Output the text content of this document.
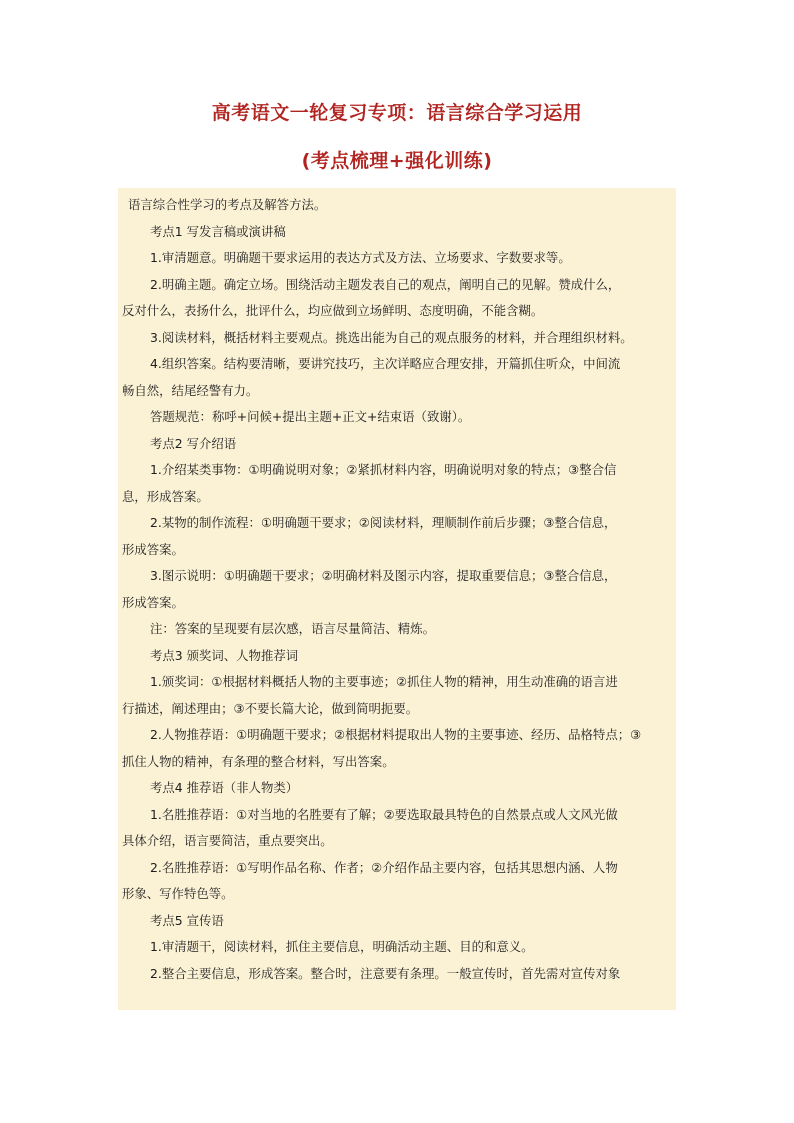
高考语文一轮复习专项：语言综合学习运用
(考点梳理+强化训练)

语言综合性学习的考点及解答方法。

考点1 写发言稿或演讲稿

1.审清题意。明确题干要求运用的表达方式及方法、立场要求、字数要求等。

2.明确主题。确定立场。围绕活动主题发表自己的观点，阐明自己的见解。赞成什么，

反对什么，表扬什么，批评什么，均应做到立场鲜明、态度明确，不能含糊。

3.阅读材料，概括材料主要观点。挑选出能为自己的观点服务的材料，并合理组织材料。

4.组织答案。结构要清晰，要讲究技巧，主次详略应合理安排，开篇抓住听众，中间流

畅自然，结尾经警有力。

答题规范：称呼+问候+提出主题+正文+结束语（致谢）。

考点2 写介绍语

1.介绍某类事物：①明确说明对象；②紧抓材料内容，明确说明对象的特点；③整合信

息，形成答案。

2.某物的制作流程：①明确题干要求；②阅读材料，理顺制作前后步骤；③整合信息，

形成答案。

3.图示说明：①明确题干要求；②明确材料及图示内容，提取重要信息；③整合信息，

形成答案。

注：答案的呈现要有层次感，语言尽量简洁、精炼。

考点3 颁奖词、人物推荐词

1.颁奖词：①根据材料概括人物的主要事迹；②抓住人物的精神，用生动准确的语言进

行描述，阐述理由；③不要长篇大论，做到简明扼要。

2.人物推荐语：①明确题干要求；②根据材料提取出人物的主要事迹、经历、品格特点；③

抓住人物的精神，有条理的整合材料，写出答案。

考点4 推荐语（非人物类）

1.名胜推荐语：①对当地的名胜要有了解；②要选取最具特色的自然景点或人文风光做

具体介绍，语言要简洁，重点要突出。

2.名胜推荐语：①写明作品名称、作者；②介绍作品主要内容，包括其思想内涵、人物

形象、写作特色等。

考点5 宣传语

1.审清题干，阅读材料，抓住主要信息，明确活动主题、目的和意义。

2.整合主要信息，形成答案。整合时，注意要有条理。一般宣传时，首先需对宣传对象
